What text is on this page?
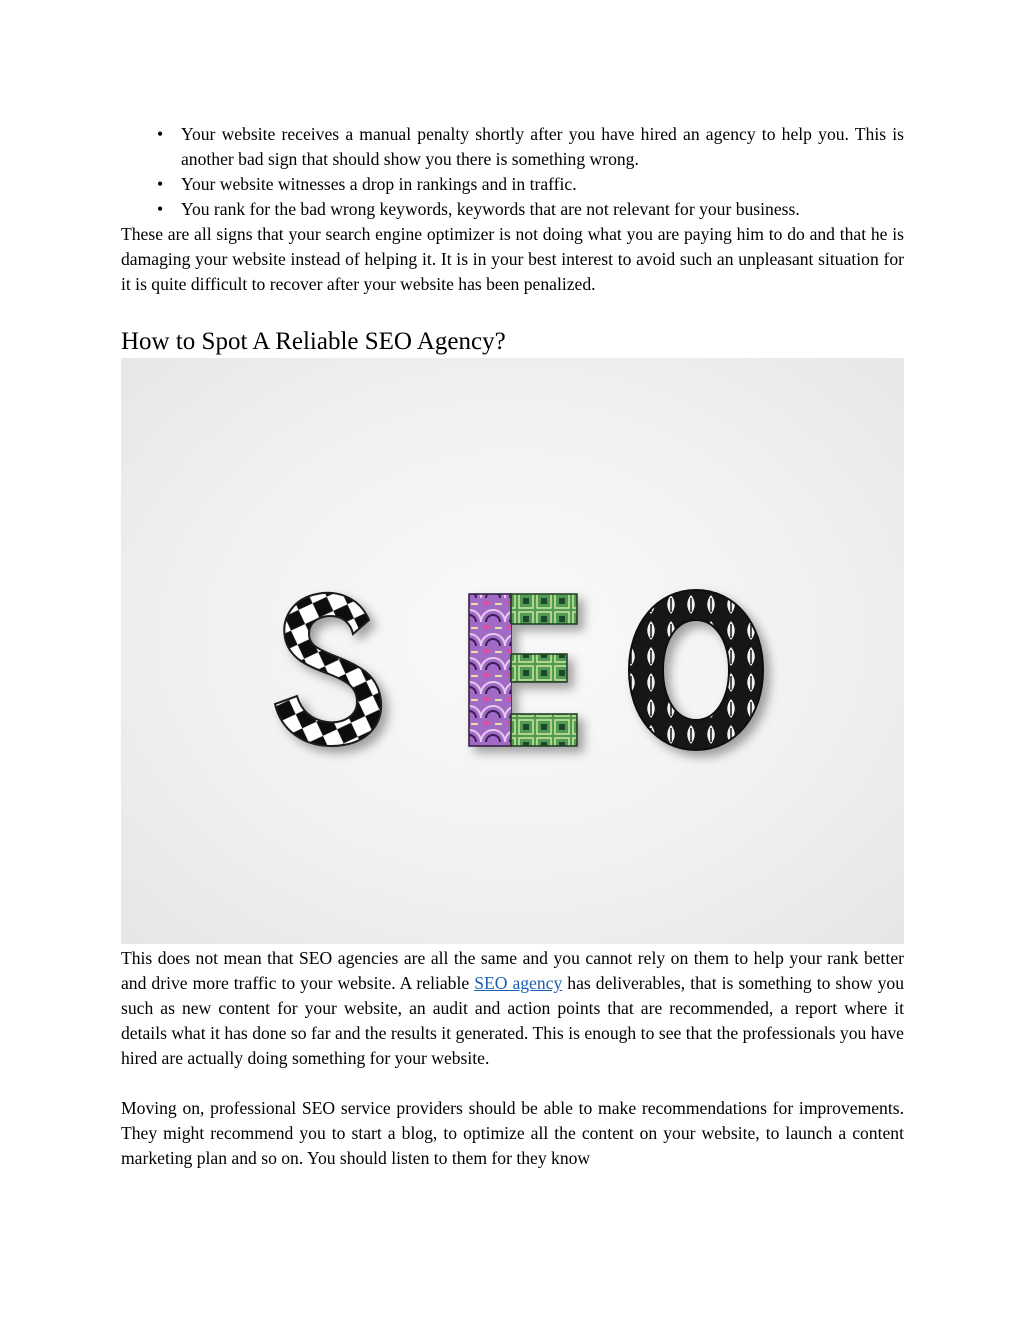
• Your website receives a manual penalty shortly after you have hired an agency to help you. This is another bad sign that should show you there is something wrong.
• Your website witnesses a drop in rankings and in traffic.
• You rank for the bad wrong keywords, keywords that are not relevant for your business.

These are all signs that your search engine optimizer is not doing what you are paying him to do and that he is damaging your website instead of helping it. It is in your best interest to avoid such an unpleasant situation for it is quite difficult to recover after your website has been penalized.

How to Spot A Reliable SEO Agency?

This does not mean that SEO agencies are all the same and you cannot rely on them to help your rank better and drive more traffic to your website. A reliable SEO agency has deliverables, that is something to show you such as new content for your website, an audit and action points that are recommended, a report where it details what it has done so far and the results it generated. This is enough to see that the professionals you have hired are actually doing something for your website.

Moving on, professional SEO service providers should be able to make recommendations for improvements. They might recommend you to start a blog, to optimize all the content on your website, to launch a content marketing plan and so on. You should listen to them for they know
